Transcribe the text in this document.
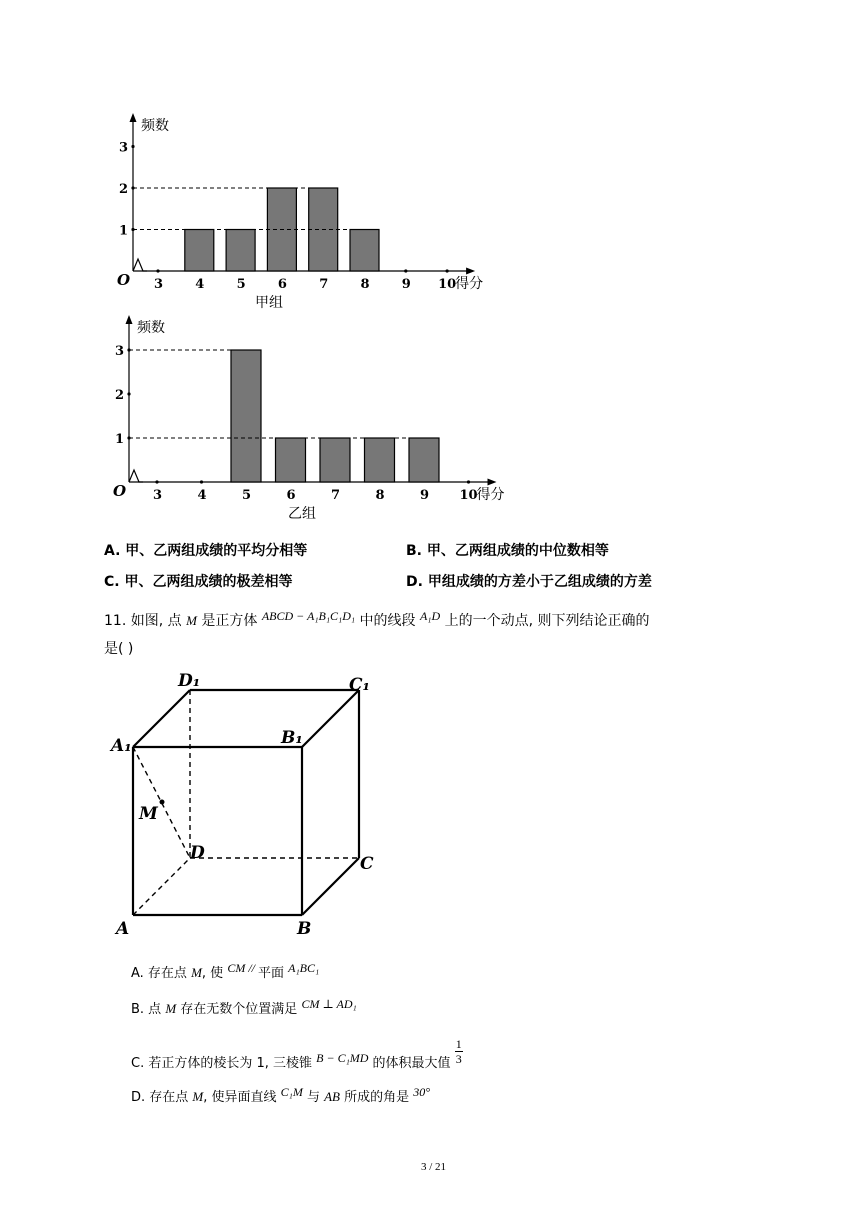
O
频数
1
2
3
3 4 5 6 7 8 9 10
得分
甲组
O
频数
1
2
3
3	4	5	6	7	8	9 10
得分
乙组
A. 甲、乙两组成绩的平均分相等	B. 甲、乙两组成绩的中位数相等
C. 甲、乙两组成绩的极差相等	D. 甲组成绩的方差小于乙组成绩的方差
11. 如图, 点 M 是正方体 ABCD − A₁B₁C₁D₁ 中的线段 A₁D 上的一个动点, 则下列结论正确的
是( )
D₁	C₁
A₁	B₁
M
D
C
A	B
A. 存在点 M, 使 CM // 平面 A₁BC₁
B. 点 M 存在无数个位置满足 CM ⊥ AD₁
C. 若正方体的棱长为 1, 三棱锥 B − C₁MD 的体积最大值 $\frac{1}{3}$
D. 存在点 M, 使异面直线 C₁M 与 AB 所成的角是 30°
3 / 21
